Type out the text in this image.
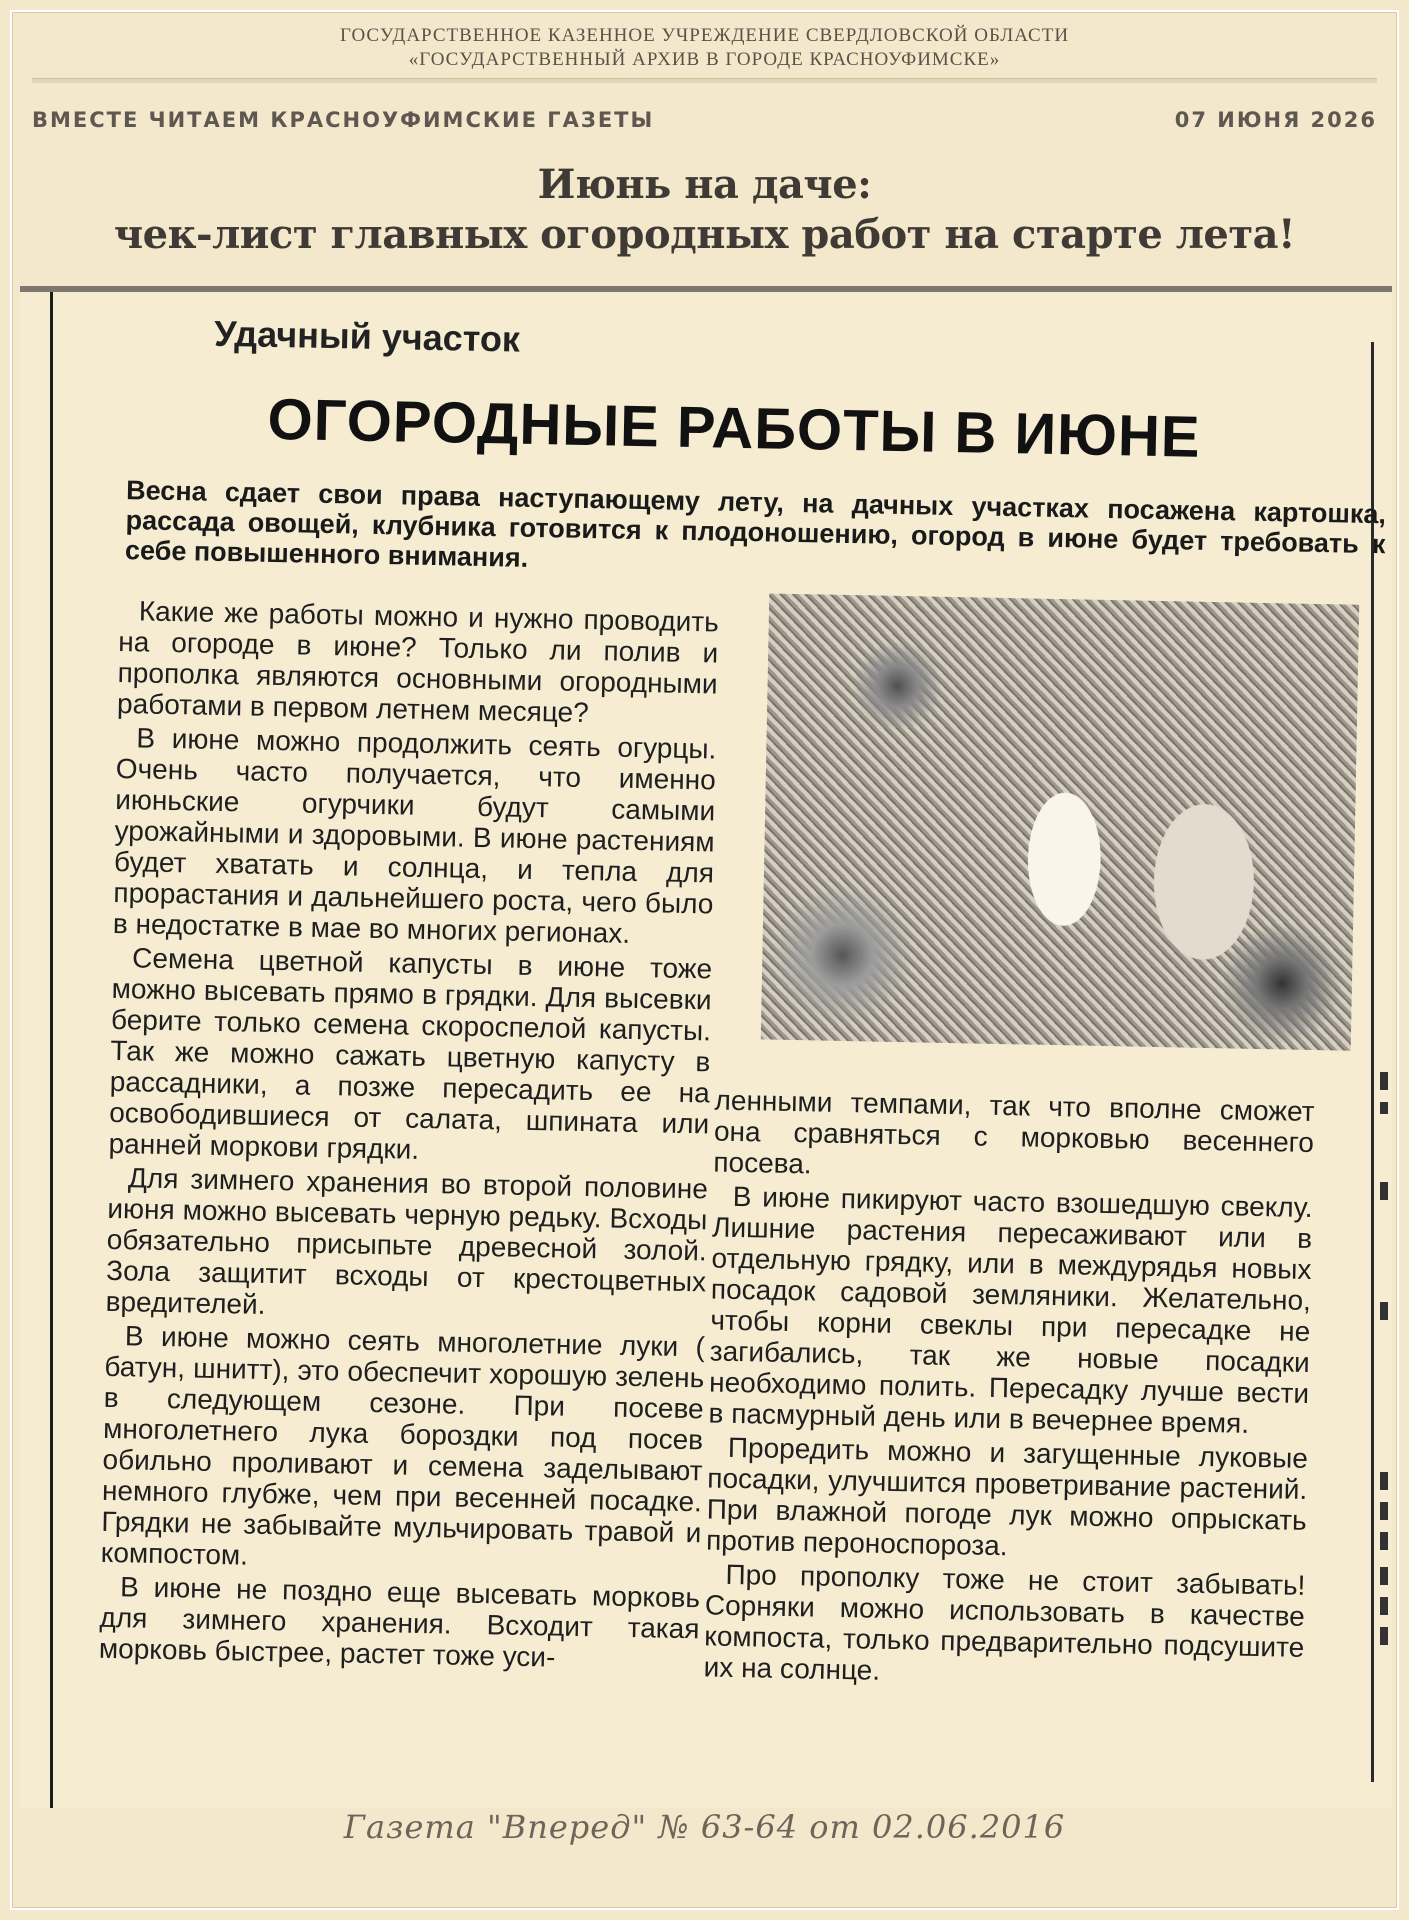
ГОСУДАРСТВЕННОЕ КАЗЕННОЕ УЧРЕЖДЕНИЕ СВЕРДЛОВСКОЙ ОБЛАСТИ
«ГОСУДАРСТВЕННЫЙ АРХИВ В ГОРОДЕ КРАСНОУФИМСКЕ»
ВМЕСТЕ ЧИТАЕМ КРАСНОУФИМСКИЕ ГАЗЕТЫ	07 ИЮНЯ 2026
Июнь на даче:
чек-лист главных огородных работ на старте лета!
Удачный участок
ОГОРОДНЫЕ РАБОТЫ В ИЮНЕ
Весна сдает свои права наступающему лету, на дачных участках посажена картошка, рассада овощей, клубника готовится к плодоношению, огород в июне будет требовать к себе повышенного внимания.

Какие же работы можно и нужно проводить на огороде в июне? Только ли полив и прополка являются основными огородными работами в первом летнем месяце?

В июне можно продолжить сеять огурцы. Очень часто получается, что именно июньские огурчики будут самыми урожайными и здоровыми. В июне растениям будет хватать и солнца, и тепла для прорастания и дальнейшего роста, чего было в недостатке в мае во многих регионах.

Семена цветной капусты в июне тоже можно высевать прямо в грядки. Для высевки берите только семена скороспелой капусты. Так же можно сажать цветную капусту в рассадники, а позже пересадить ее на освободившиеся от салата, шпината или ранней моркови грядки.

Для зимнего хранения во второй половине июня можно высевать черную редьку. Всходы обязательно присыпьте древесной золой. Зола защитит всходы от крестоцветных вредителей.

В июне можно сеять многолетние луки ( батун, шнитт), это обеспечит хорошую зелень в следующем сезоне. При посеве многолетнего лука бороздки под посев обильно проливают и семена заделывают немного глубже, чем при весенней посадке. Грядки не забывайте мульчировать травой и компостом.

В июне не поздно еще высевать морковь для зимнего хранения. Всходит такая морковь быстрее, растет тоже уси-

ленными темпами, так что вполне сможет она сравняться с морковью весеннего посева.

В июне пикируют часто взошедшую свеклу. Лишние растения пересаживают или в отдельную грядку, или в междурядья новых посадок садовой земляники. Желательно, чтобы корни свеклы при пересадке не загибались, так же новые посадки необходимо полить. Пересадку лучше вести в пасмурный день или в вечернее время.

Проредить можно и загущенные луковые посадки, улучшится проветривание растений. При влажной погоде лук можно опрыскать против пероноспороза.

Про прополку тоже не стоит забывать! Сорняки можно использовать в качестве компоста, только предварительно подсушите их на солнце.

Газета "Вперед" № 63-64 от 02.06.2016
